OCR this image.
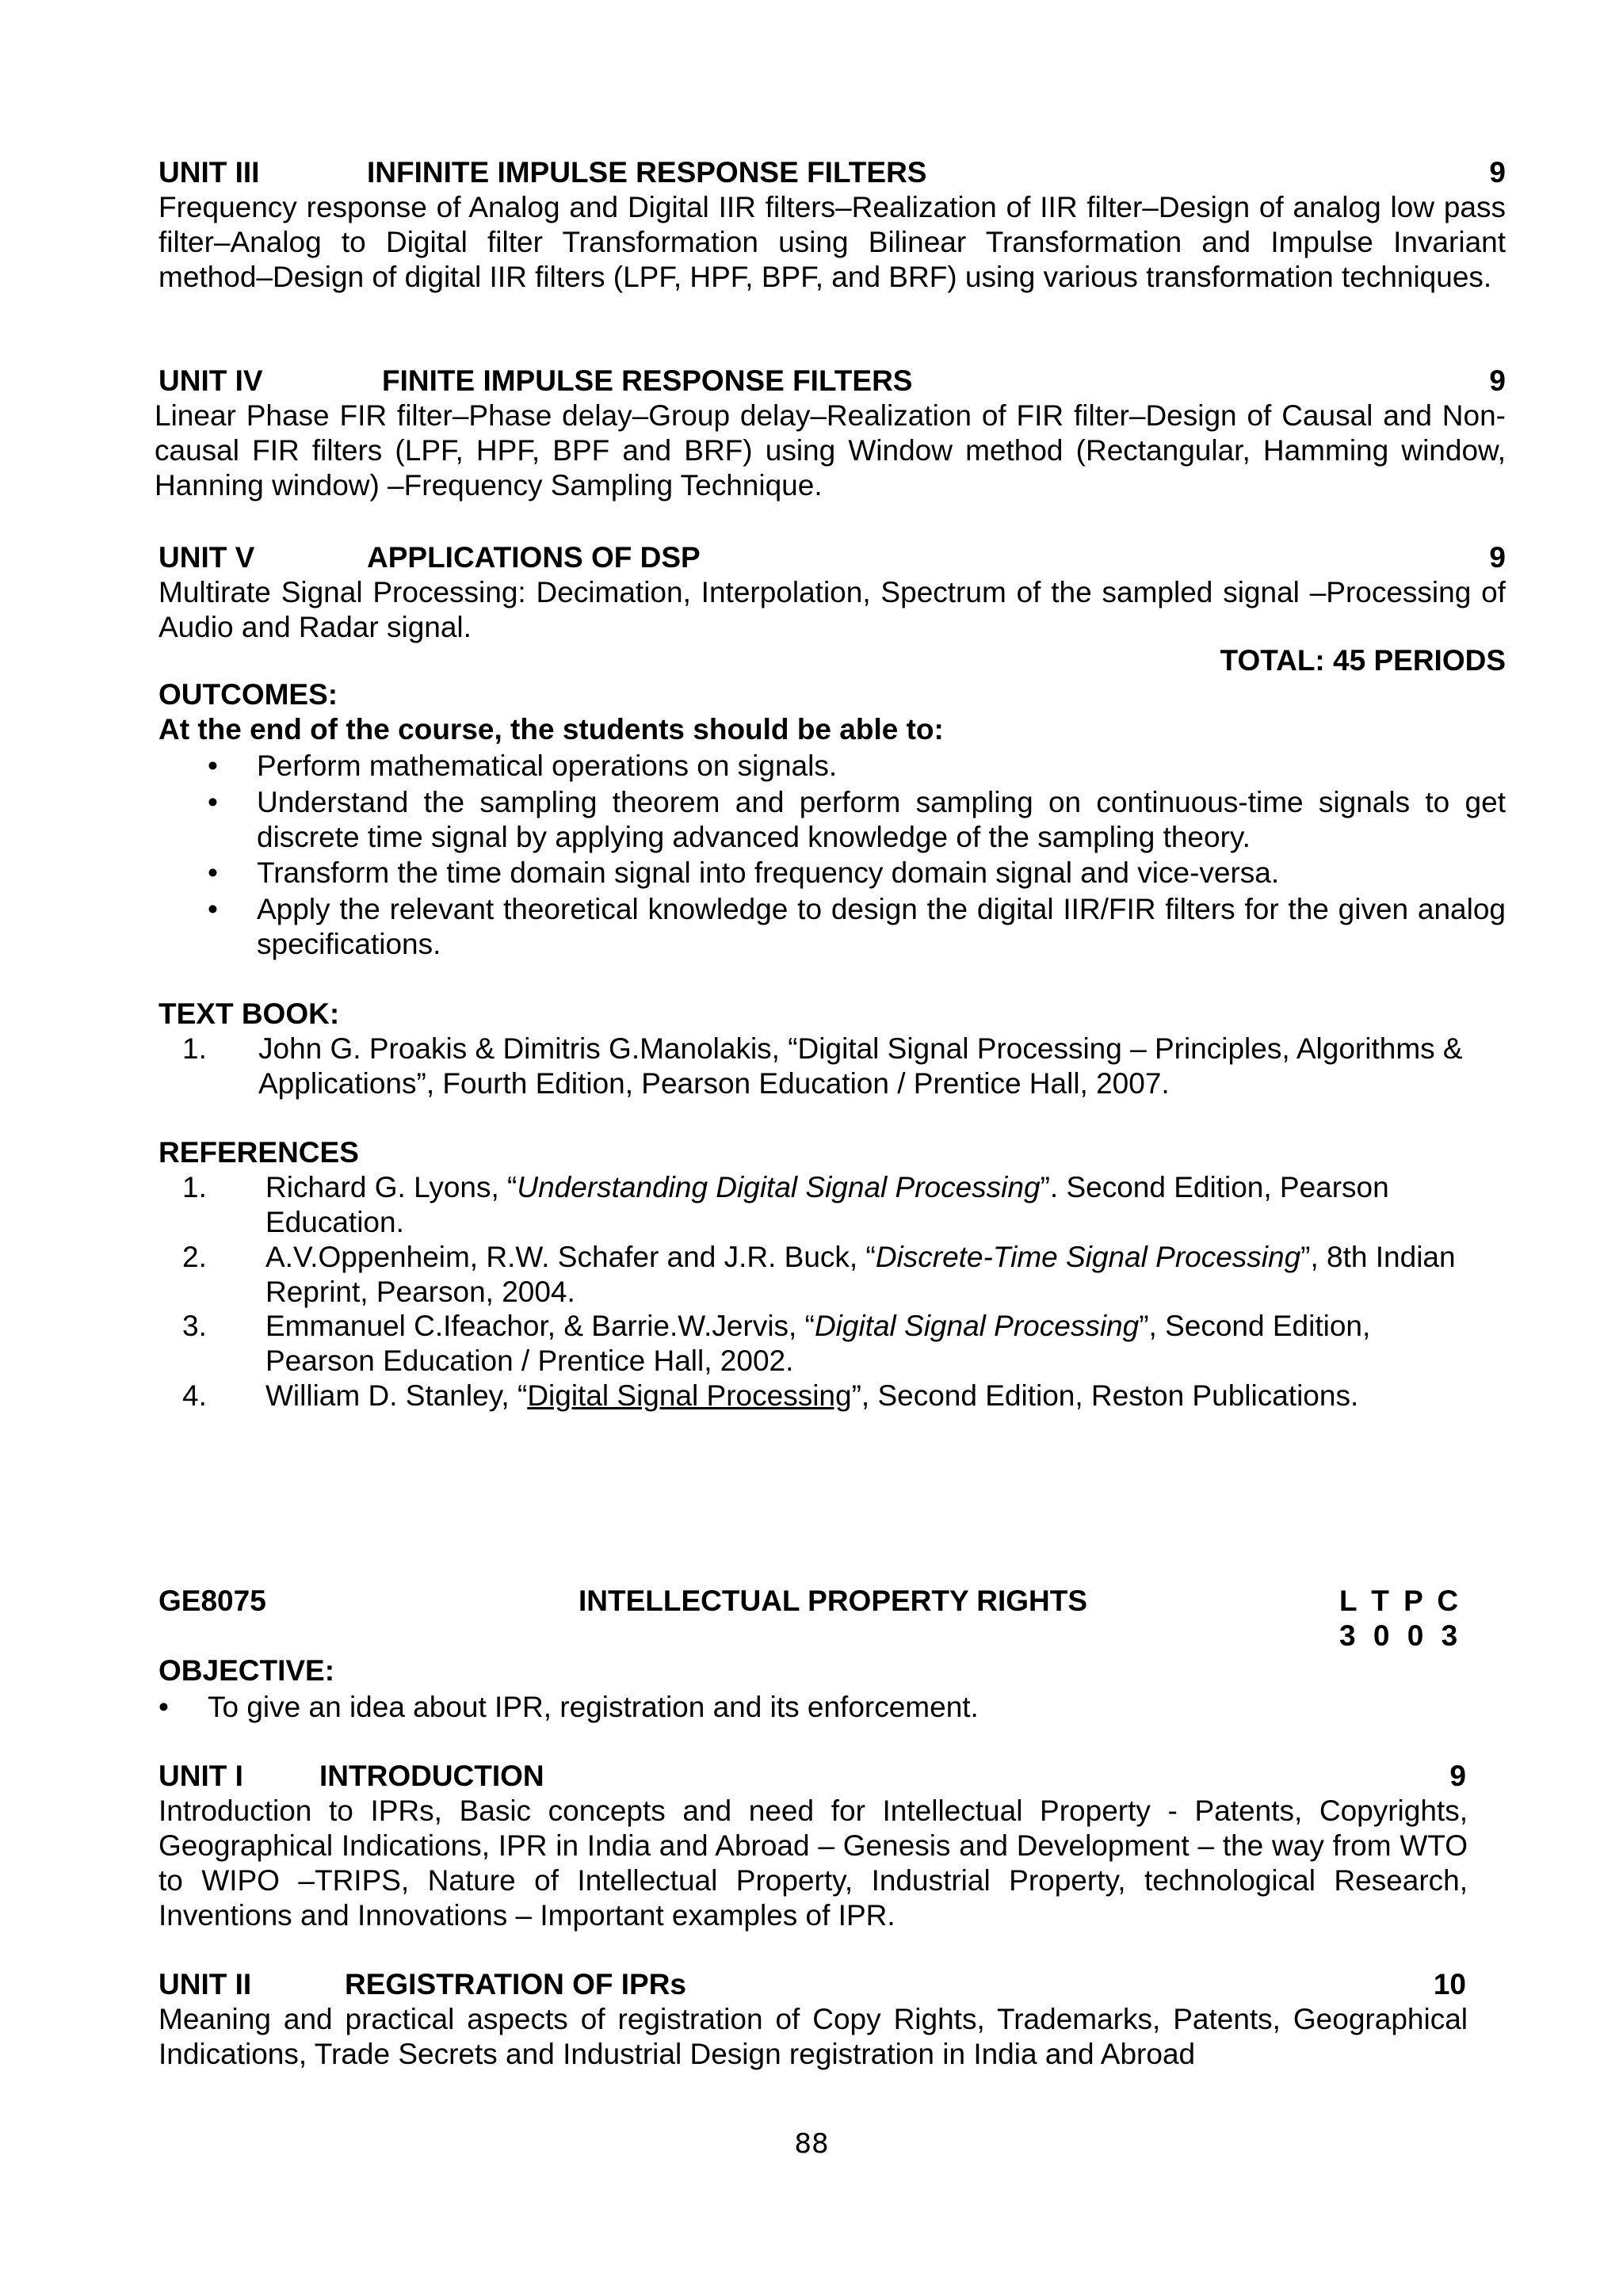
UNIT III	INFINITE IMPULSE RESPONSE FILTERS	9
Frequency response of Analog and Digital IIR filters–Realization of IIR filter–Design of analog low pass filter–Analog to Digital filter Transformation using Bilinear Transformation and Impulse Invariant method–Design of digital IIR filters (LPF, HPF, BPF, and BRF) using various transformation techniques.
UNIT IV	FINITE IMPULSE RESPONSE FILTERS	9
Linear Phase FIR filter–Phase delay–Group delay–Realization of FIR filter–Design of Causal and Non-causal FIR filters (LPF, HPF, BPF and BRF) using Window method (Rectangular, Hamming window, Hanning window) –Frequency Sampling Technique.
UNIT V	APPLICATIONS OF DSP	9
Multirate Signal Processing: Decimation, Interpolation, Spectrum of the sampled signal –Processing of Audio and Radar signal.
TOTAL: 45 PERIODS
OUTCOMES:
At the end of the course, the students should be able to:
• Perform mathematical operations on signals.
• Understand the sampling theorem and perform sampling on continuous-time signals to get discrete time signal by applying advanced knowledge of the sampling theory.
• Transform the time domain signal into frequency domain signal and vice-versa.
• Apply the relevant theoretical knowledge to design the digital IIR/FIR filters for the given analog specifications.
TEXT BOOK:
1. John G. Proakis & Dimitris G.Manolakis, “Digital Signal Processing – Principles, Algorithms & Applications”, Fourth Edition, Pearson Education / Prentice Hall, 2007.
REFERENCES
1. Richard G. Lyons, “Understanding Digital Signal Processing”. Second Edition, Pearson Education.
2. A.V.Oppenheim, R.W. Schafer and J.R. Buck, “Discrete-Time Signal Processing”, 8th Indian Reprint, Pearson, 2004.
3. Emmanuel C.Ifeachor, & Barrie.W.Jervis, “Digital Signal Processing”, Second Edition, Pearson Education / Prentice Hall, 2002.
4. William D. Stanley, “Digital Signal Processing”, Second Edition, Reston Publications.
GE8075	INTELLECTUAL PROPERTY RIGHTS	L T P C
3 0 0 3
OBJECTIVE:
• To give an idea about IPR, registration and its enforcement.
UNIT I	INTRODUCTION	9
Introduction to IPRs, Basic concepts and need for Intellectual Property - Patents, Copyrights, Geographical Indications, IPR in India and Abroad – Genesis and Development – the way from WTO to WIPO –TRIPS, Nature of Intellectual Property, Industrial Property, technological Research, Inventions and Innovations – Important examples of IPR.
UNIT II	REGISTRATION OF IPRs	10
Meaning and practical aspects of registration of Copy Rights, Trademarks, Patents, Geographical Indications, Trade Secrets and Industrial Design registration in India and Abroad
88
